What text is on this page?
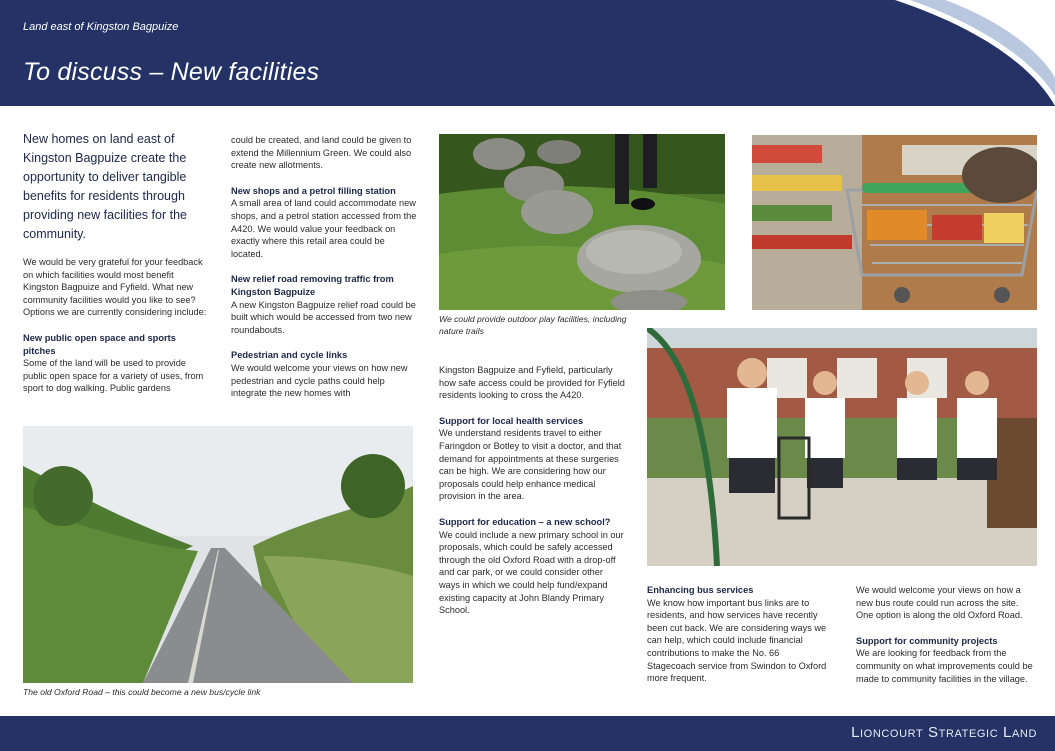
Land east of Kingston Bagpuize
To discuss – New facilities

New homes on land east of Kingston Bagpuize create the opportunity to deliver tangible benefits for residents through providing new facilities for the community.

We would be very grateful for your feedback on which facilities would most benefit Kingston Bagpuize and Fyfield. What new community facilities would you like to see? Options we are currently considering include:

New public open space and sports pitches

Some of the land will be used to provide public open space for a variety of uses, from sport to dog walking. Public gardens

could be created, and land could be given to extend the Millennium Green. We could also create new allotments.

New shops and a petrol filling station

A small area of land could accommodate new shops, and a petrol station accessed from the A420. We would value your feedback on exactly where this retail area could be located.

New relief road removing traffic from Kingston Bagpuize

A new Kingston Bagpuize relief road could be built which would be accessed from two new roundabouts.

Pedestrian and cycle links

We would welcome your views on how new pedestrian and cycle paths could help integrate the new homes with

We could provide outdoor play facilities, including nature trails

Kingston Bagpuize and Fyfield, particularly how safe access could be provided for Fyfield residents looking to cross the A420.

Support for local health services

We understand residents travel to either Faringdon or Botley to visit a doctor, and that demand for appointments at these surgeries can be high. We are considering how our proposals could help enhance medical provision in the area.

Support for education – a new school?

We could include a new primary school in our proposals, which could be safely accessed through the old Oxford Road with a drop-off and car park, or we could consider other ways in which we could help fund/expand existing capacity at John Blandy Primary School.

Enhancing bus services

We know how important bus links are to residents, and how services have recently been cut back. We are considering ways we can help, which could include financial contributions to make the No. 66 Stagecoach service from Swindon to Oxford more frequent.

We would welcome your views on how a new bus route could run across the site. One option is along the old Oxford Road.

Support for community projects

We are looking for feedback from the community on what improvements could be made to community facilities in the village.

The old Oxford Road – this could become a new bus/cycle link
Lioncourt Strategic Land
